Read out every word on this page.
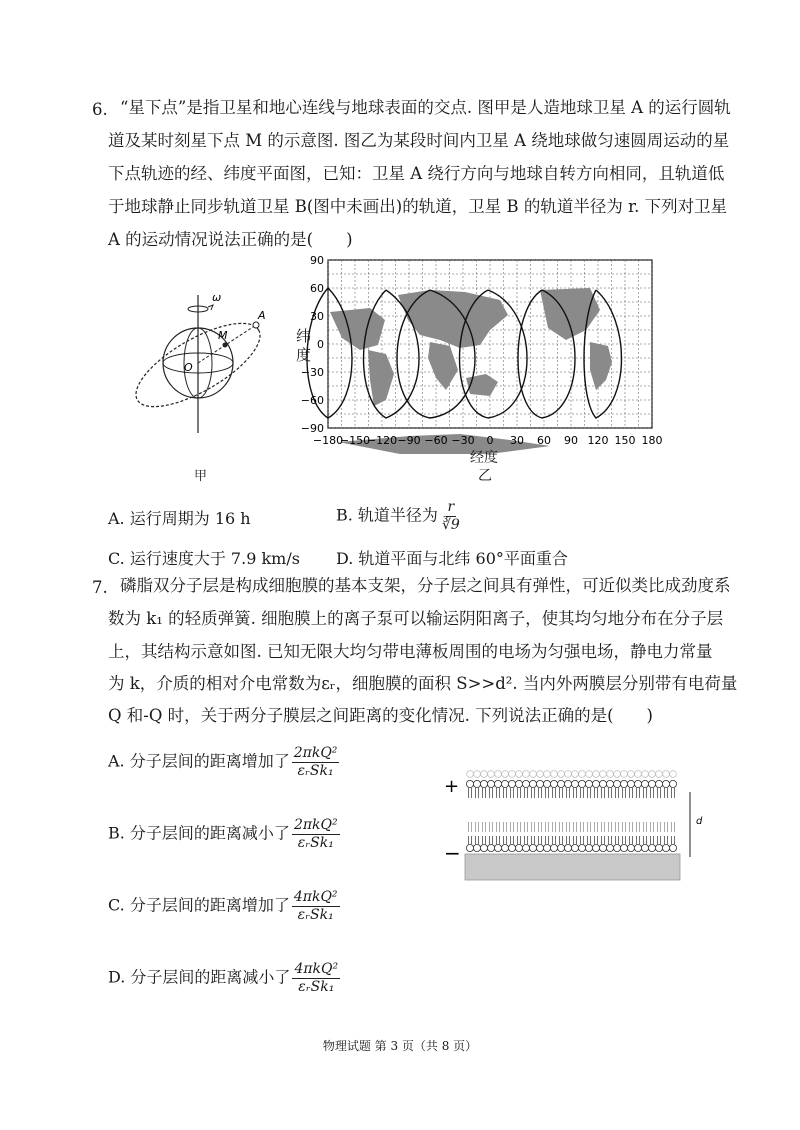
6. “星下点”是指卫星和地心连线与地球表面的交点. 图甲是人造地球卫星 A 的运行圆轨
道及某时刻星下点 M 的示意图. 图乙为某段时间内卫星 A 绕地球做匀速圆周运动的星
下点轨迹的经、纬度平面图，已知：卫星 A 绕行方向与地球自转方向相同，且轨道低
于地球静止同步轨道卫星 B(图中未画出)的轨道，卫星 B 的轨道半径为 r. 下列对卫星
A 的运动情况说法正确的是(　　)
ω
A
M
O
甲
90
60
30
0
−30
−60
−90
−180
−150
−120 −90 −60 −30 0 30 60 90 120 150 180
纬
度
经度
乙
A. 运行周期为 16 h	B. 轨道半径为 $\frac{r}{∛9}$
C. 运行速度大于 7.9 km/s D. 轨道平面与北纬 60°平面重合
7. 磷脂双分子层是构成细胞膜的基本支架，分子层之间具有弹性，可近似类比成劲度系
数为 k₁ 的轻质弹簧. 细胞膜上的离子泵可以输运阴阳离子，使其均匀地分布在分子层
上，其结构示意如图. 已知无限大均匀带电薄板周围的电场为匀强电场，静电力常量
为 k，介质的相对介电常数为εᵣ，细胞膜的面积 S>>d². 当内外两膜层分别带有电荷量
Q 和-Q 时，关于两分子膜层之间距离的变化情况. 下列说法正确的是(　　)
A. 分子层间的距离增加了 $\frac{\text{2πkQ²}}{\text{εᵣSk₁}}$
B. 分子层间的距离减小了 $\frac{\text{2πkQ²}}{\text{εᵣSk₁}}$
C. 分子层间的距离增加了 $\frac{\text{4πkQ²}}{\text{εᵣSk₁}}$
D. 分子层间的距离减小了 $\frac{\text{4πkQ²}}{\text{εᵣSk₁}}$
+
−
d
物理试题 第 3 页（共 8 页）
